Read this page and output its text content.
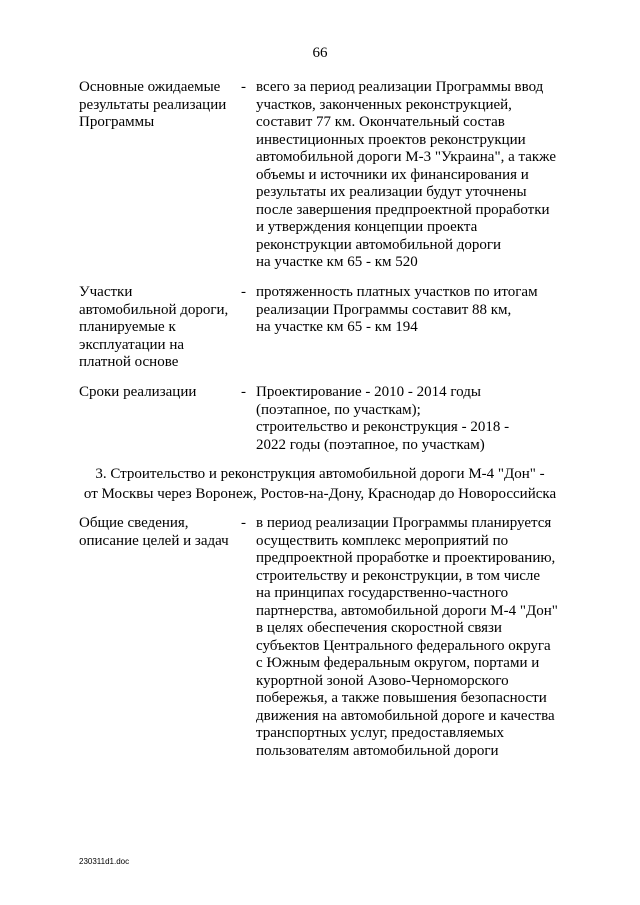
66
Основные ожидаемые
результаты реализации
Программы
- всего за период реализации Программы ввод
участков, законченных реконструкцией,
составит 77 км. Окончательный состав
инвестиционных проектов реконструкции
автомобильной дороги М-3 "Украина", а также
объемы и источники их финансирования и
результаты их реализации будут уточнены
после завершения предпроектной проработки
и утверждения концепции проекта
реконструкции автомобильной дороги
на участке км 65 - км 520
Участки
автомобильной дороги,
планируемые к
эксплуатации на
платной основе
- протяженность платных участков по итогам
реализации Программы составит 88 км,
на участке км 65 - км 194
Сроки реализации	- Проектирование - 2010 - 2014 годы
(поэтапное, по участкам);
строительство и реконструкция - 2018 -
2022 годы (поэтапное, по участкам)
3. Строительство и реконструкция автомобильной дороги М-4 "Дон" -
от Москвы через Воронеж, Ростов-на-Дону, Краснодар до Новороссийска
Общие сведения,
описание целей и задач
- в период реализации Программы планируется
осуществить комплекс мероприятий по
предпроектной проработке и проектированию,
строительству и реконструкции, в том числе
на принципах государственно-частного
партнерства, автомобильной дороги М-4 "Дон"
в целях обеспечения скоростной связи
субъектов Центрального федерального округа
с Южным федеральным округом, портами и
курортной зоной Азово-Черноморского
побережья, а также повышения безопасности
движения на автомобильной дороге и качества
транспортных услуг, предоставляемых
пользователям автомобильной дороги
230311d1.doc
